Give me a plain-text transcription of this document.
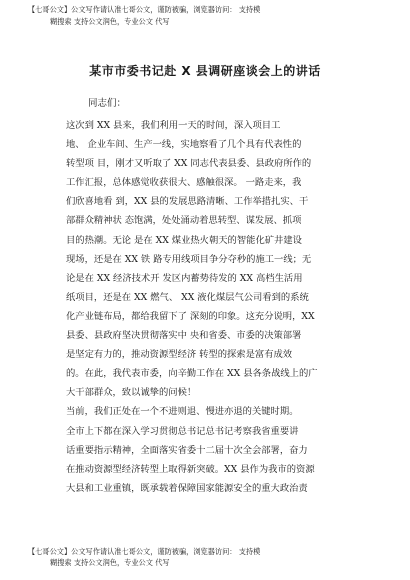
【七哥公文】公文写作请认准七哥公文，谨防被骗，浏览器访问： 支持模
糊搜索 支持公文润色，专业公文 代写
某市市委书记赴 X 县调研座谈会上的讲话
同志们：
这次到 XX 县来，我们利用一天的时间，深入项目工
地、 企业车间、生产一线，实地察看了几个具有代表性的
转型项 目，刚才又听取了 XX 同志代表县委、县政府所作的
工作汇报，总体感觉收获很大、感触很深。 一路走来，我
们欣喜地看 到，XX 县的发展思路清晰、工作举措扎实、干
部群众精神状 态饱满，处处涌动着思转型、谋发展、抓项
目的热潮。无论 是在 XX 煤业热火朝天的智能化矿井建设
现场，还是在 XX 铁 路专用线项目争分夺秒的施工一线；无
论是在 XX 经济技术开 发区内蓄势待发的 XX 高档生活用
纸项目，还是在 XX 燃气、 XX 液化煤层气公司看到的系统
化产业链布局，都给我留下了 深刻的印象。这充分说明，XX
县委、县政府坚决贯彻落实中 央和省委、市委的决策部署
是坚定有力的，推动资源型经济 转型的探索是富有成效
的。在此，我代表市委，向辛勤工作在 XX 县各条战线上的广
大干部群众，致以诚挚的问候！
当前，我们正处在一个不进则退、慢进亦退的关键时期。
全市上下都在深入学习贯彻总书记总书记考察我省重要讲
话重要指示精神，全面落实省委十二届十次全会部署，奋力
在推动资源型经济转型上取得新突破。XX 县作为我市的资源
大县和工业重镇，既承载着保障国家能源安全的重大政治责
【七哥公文】公文写作请认准七哥公文，谨防被骗，浏览器访问： 支持模
糊搜索 支持公文润色，专业公文 代写
